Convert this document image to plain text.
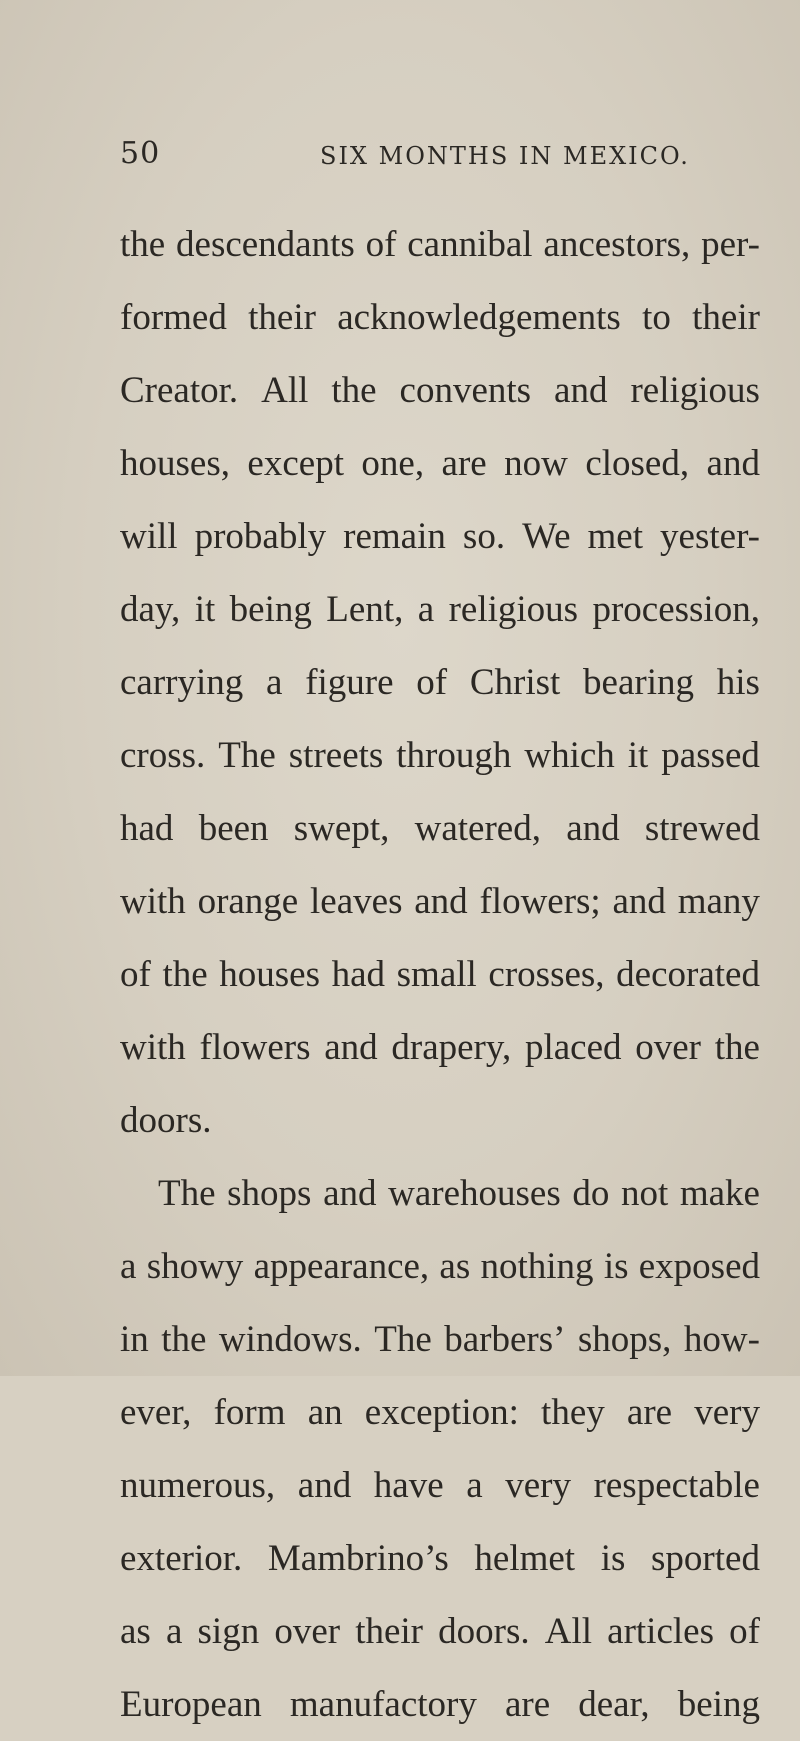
50	SIX MONTHS IN MEXICO.
the descendants of cannibal ancestors, per-
formed their acknowledgements to their
Creator. All the convents and religious
houses, except one, are now closed, and
will probably remain so. We met yester-
day, it being Lent, a religious procession,
carrying a figure of Christ bearing his
cross. The streets through which it passed
had been swept, watered, and strewed
with orange leaves and flowers; and many
of the houses had small crosses, decorated
with flowers and drapery, placed over the
doors.
The shops and warehouses do not make
a showy appearance, as nothing is exposed
in the windows. The barbers’ shops, how-
ever, form an exception: they are very
numerous, and have a very respectable
exterior. Mambrino’s helmet is sported
as a sign over their doors. All articles of
European manufactory are dear, being
